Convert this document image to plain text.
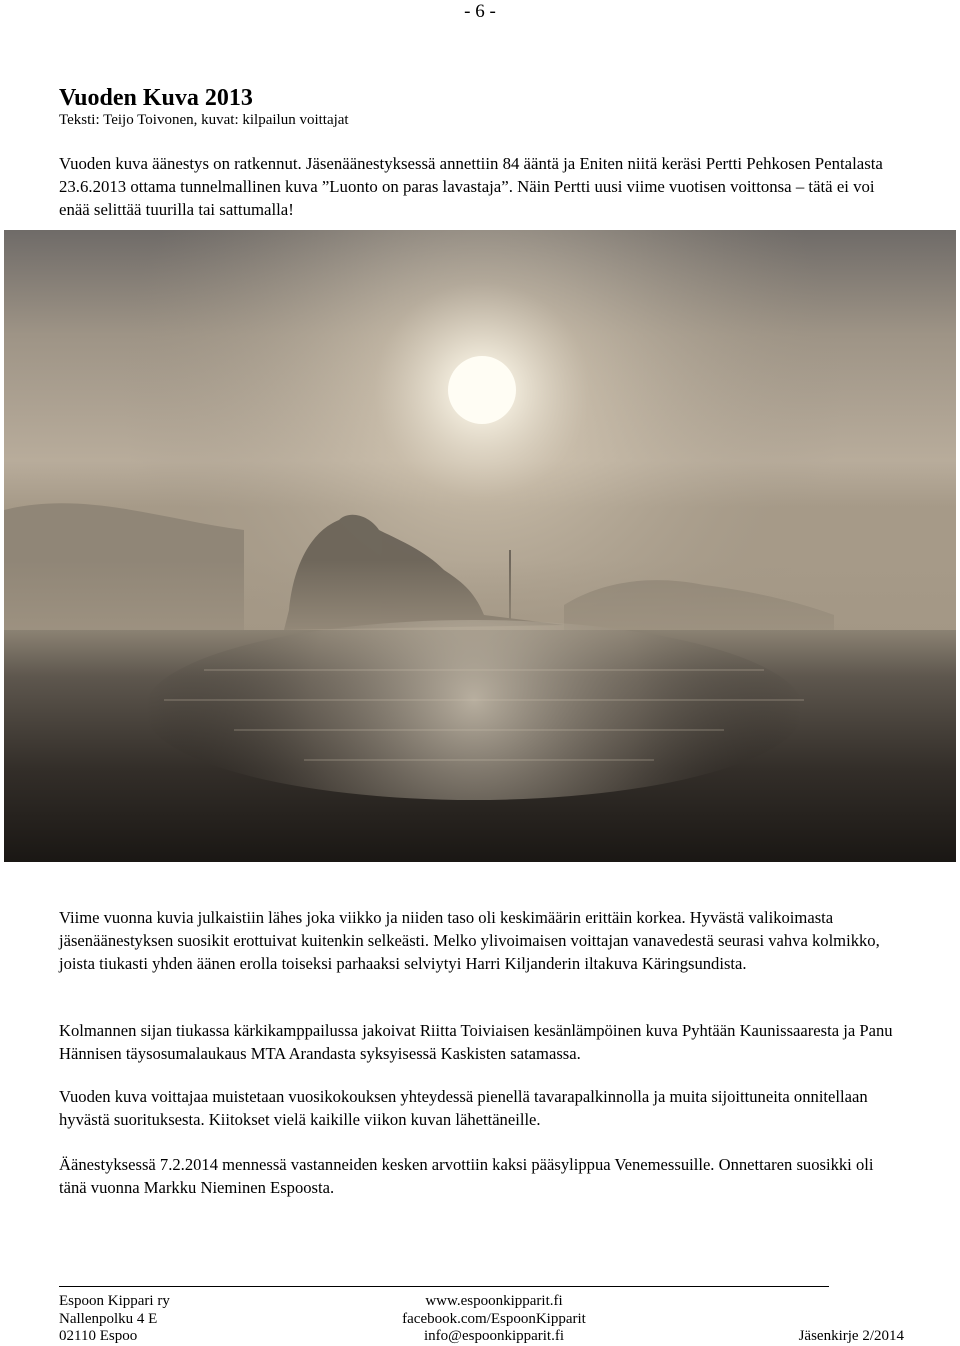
- 6 -
Vuoden Kuva 2013
Teksti: Teijo Toivonen, kuvat: kilpailun voittajat

Vuoden kuva äänestys on ratkennut. Jäsenäänestyksessä annettiin 84 ääntä ja Eniten niitä keräsi Pertti Pehkosen Pentalasta 23.6.2013 ottama tunnelmallinen kuva ”Luonto on paras lavastaja”. Näin Pertti uusi viime vuotisen voittonsa – tätä ei voi enää selittää tuurilla tai sattumalla!

Viime vuonna kuvia julkaistiin lähes joka viikko ja niiden taso oli keskimäärin erittäin korkea. Hyvästä valikoimasta jäsenäänestyksen suosikit erottuivat kuitenkin selkeästi. Melko ylivoimaisen voittajan vanavedestä seurasi vahva kolmikko, joista tiukasti yhden äänen erolla toiseksi parhaaksi selviytyi Harri Kiljanderin iltakuva Käringsundista.

Kolmannen sijan tiukassa kärkikamppailussa jakoivat Riitta Toiviaisen kesänlämpöinen kuva Pyhtään Kaunissaaresta ja Panu Hännisen täysosumalaukaus MTA Arandasta syksyisessä Kaskisten satamassa.

Vuoden kuva voittajaa muistetaan vuosikokouksen yhteydessä pienellä tavarapalkinnolla ja muita sijoittuneita onnitellaan hyvästä suorituksesta. Kiitokset vielä kaikille viikon kuvan lähettäneille.

Äänestyksessä 7.2.2014 mennessä vastanneiden kesken arvottiin kaksi pääsylippua Venemessuille. Onnettaren suosikki oli tänä vuonna Markku Nieminen Espoosta.

Espoon Kippari ry
Nallenpolku 4 E
02110 Espoo
www.espoonkipparit.fi
facebook.com/EspoonKipparit
info@espoonkipparit.fi

	Jäsenkirje 2/2014
